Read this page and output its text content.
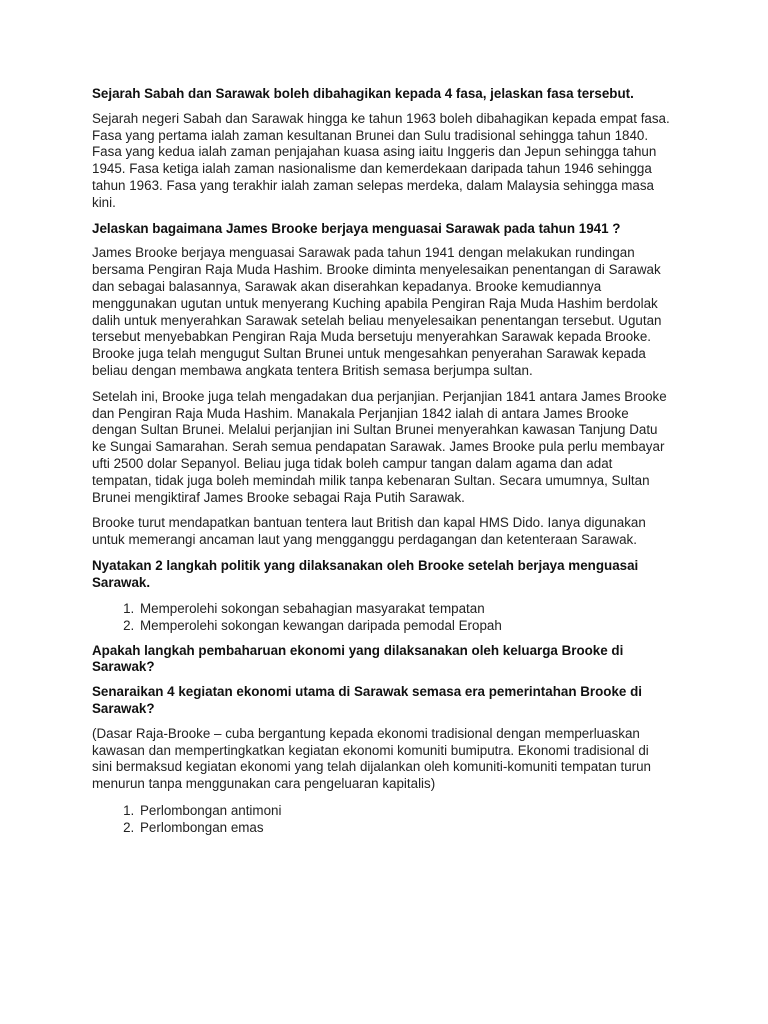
Sejarah Sabah dan Sarawak boleh dibahagikan kepada 4 fasa, jelaskan fasa tersebut.

Sejarah negeri Sabah dan Sarawak hingga ke tahun 1963 boleh dibahagikan kepada empat fasa. Fasa yang pertama ialah zaman kesultanan Brunei dan Sulu tradisional sehingga tahun 1840. Fasa yang kedua ialah zaman penjajahan kuasa asing iaitu Inggeris dan Jepun sehingga tahun 1945. Fasa ketiga ialah zaman nasionalisme dan kemerdekaan daripada tahun 1946 sehingga tahun 1963. Fasa yang terakhir ialah zaman selepas merdeka, dalam Malaysia sehingga masa kini.

Jelaskan bagaimana James Brooke berjaya menguasai Sarawak pada tahun 1941 ?

James Brooke berjaya menguasai Sarawak pada tahun 1941 dengan melakukan rundingan bersama Pengiran Raja Muda Hashim. Brooke diminta menyelesaikan penentangan di Sarawak dan sebagai balasannya, Sarawak akan diserahkan kepadanya. Brooke kemudiannya menggunakan ugutan untuk menyerang Kuching apabila Pengiran Raja Muda Hashim berdolak dalih untuk menyerahkan Sarawak setelah beliau menyelesaikan penentangan tersebut. Ugutan tersebut menyebabkan Pengiran Raja Muda bersetuju menyerahkan Sarawak kepada Brooke. Brooke juga telah mengugut Sultan Brunei untuk mengesahkan penyerahan Sarawak kepada beliau dengan membawa angkata tentera British semasa berjumpa sultan.

Setelah ini, Brooke juga telah mengadakan dua perjanjian. Perjanjian 1841 antara James Brooke dan Pengiran Raja Muda Hashim. Manakala Perjanjian 1842 ialah di antara James Brooke dengan Sultan Brunei. Melalui perjanjian ini Sultan Brunei menyerahkan kawasan Tanjung Datu ke Sungai Samarahan. Serah semua pendapatan Sarawak. James Brooke pula perlu membayar ufti 2500 dolar Sepanyol. Beliau juga tidak boleh campur tangan dalam agama dan adat tempatan, tidak juga boleh memindah milik tanpa kebenaran Sultan. Secara umumnya, Sultan Brunei mengiktiraf James Brooke sebagai Raja Putih Sarawak.

Brooke turut mendapatkan bantuan tentera laut British dan kapal HMS Dido. Ianya digunakan untuk memerangi ancaman laut yang mengganggu perdagangan dan ketenteraan Sarawak.

Nyatakan 2 langkah politik yang dilaksanakan oleh Brooke setelah berjaya menguasai Sarawak.

1. Memperolehi sokongan sebahagian masyarakat tempatan
2. Memperolehi sokongan kewangan daripada pemodal Eropah

Apakah langkah pembaharuan ekonomi yang dilaksanakan oleh keluarga Brooke di Sarawak?

Senaraikan 4 kegiatan ekonomi utama di Sarawak semasa era pemerintahan Brooke di Sarawak?

(Dasar Raja-Brooke – cuba bergantung kepada ekonomi tradisional dengan memperluaskan kawasan dan mempertingkatkan kegiatan ekonomi komuniti bumiputra. Ekonomi tradisional di sini bermaksud kegiatan ekonomi yang telah dijalankan oleh komuniti-komuniti tempatan turun menurun tanpa menggunakan cara pengeluaran kapitalis)

1. Perlombongan antimoni
2. Perlombongan emas
